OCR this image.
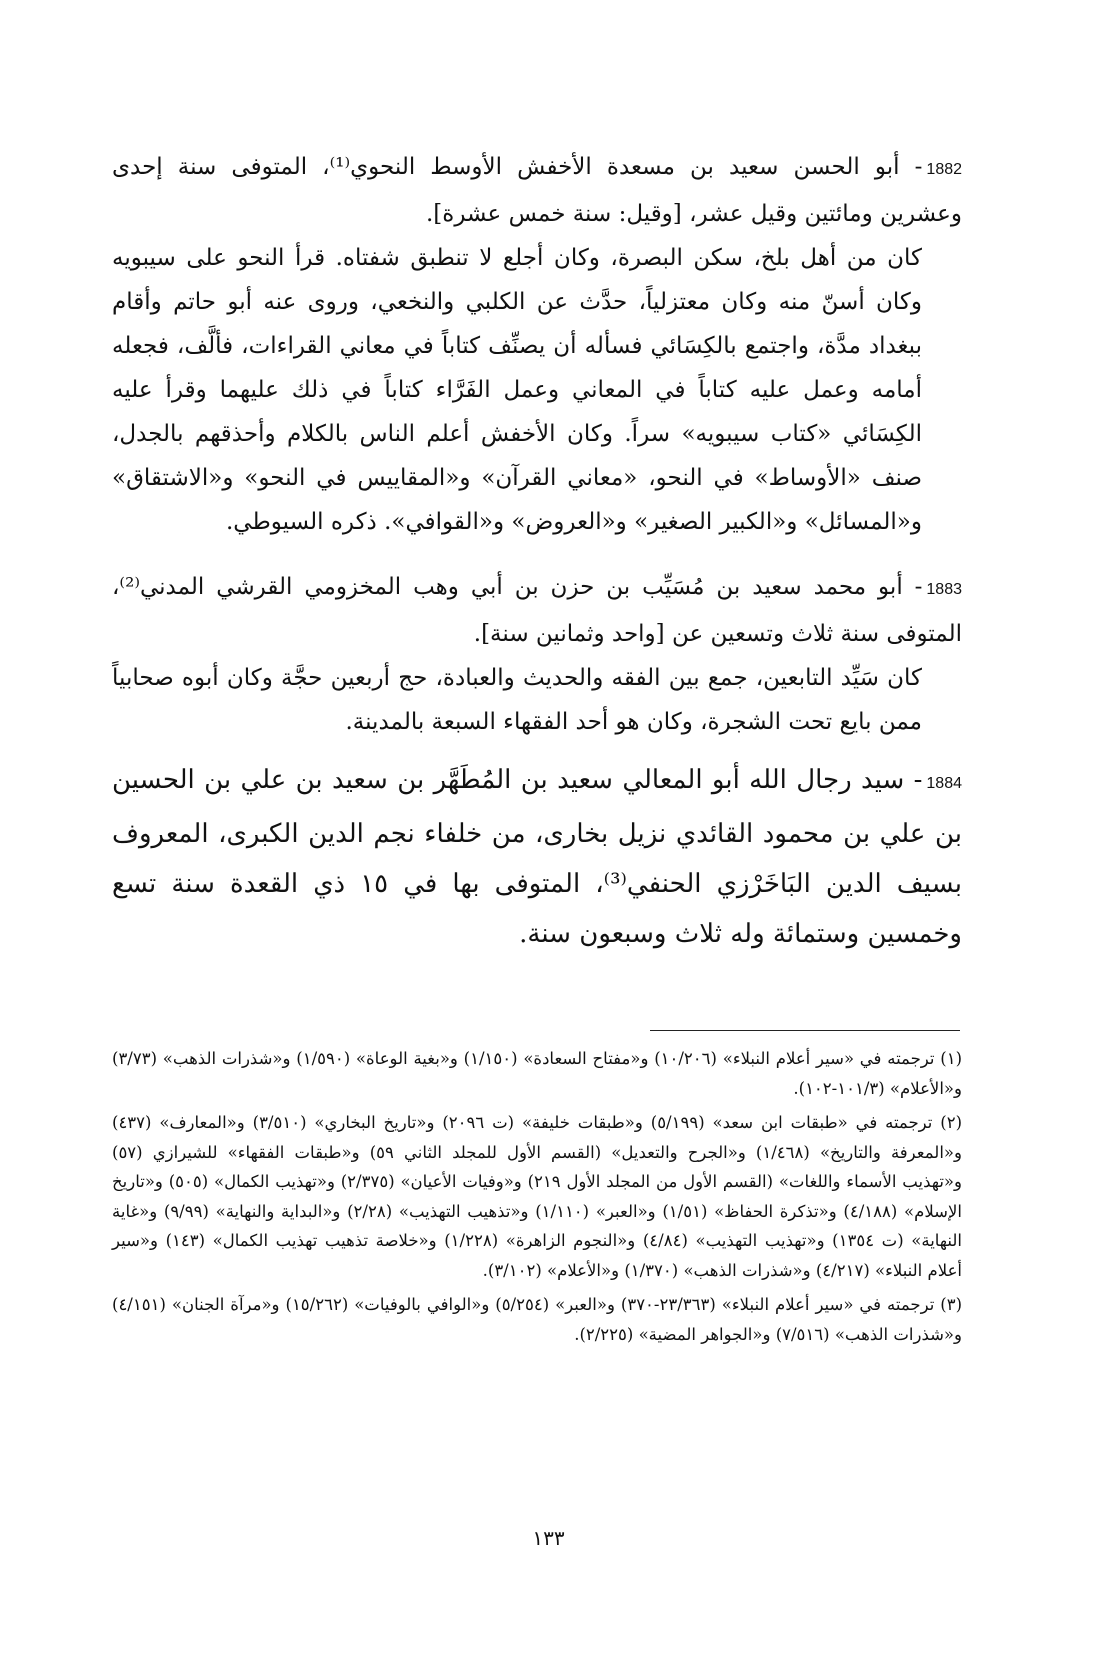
1882- أبو الحسن سعيد بن مسعدة الأخفش الأوسط النحوي⁽¹⁾، المتوفى سنة إحدى وعشرين ومائتين وقيل عشر، [وقيل: سنة خمس عشرة].

كان من أهل بلخ، سكن البصرة، وكان أجلع لا تنطبق شفتاه. قرأ النحو على سيبويه وكان أسنّ منه وكان معتزلياً، حدَّث عن الكلبي والنخعي، وروى عنه أبو حاتم وأقام ببغداد مدَّة، واجتمع بالكِسَائي فسأله أن يصنِّف كتاباً في معاني القراءات، فألَّف، فجعله أمامه وعمل عليه كتاباً في المعاني وعمل الفَرَّاء كتاباً في ذلك عليهما وقرأ عليه الكِسَائي «كتاب سيبويه» سراً. وكان الأخفش أعلم الناس بالكلام وأحذقهم بالجدل، صنف «الأوساط» في النحو، «معاني القرآن» و«المقاييس في النحو» و«الاشتقاق» و«المسائل» و«الكبير الصغير» و«العروض» و«القوافي». ذكره السيوطي.

1883- أبو محمد سعيد بن مُسَيِّب بن حزن بن أبي وهب المخزومي القرشي المدني⁽²⁾، المتوفى سنة ثلاث وتسعين عن [واحد وثمانين سنة].

كان سَيِّد التابعين، جمع بين الفقه والحديث والعبادة، حج أربعين حجَّة وكان أبوه صحابياً ممن بايع تحت الشجرة، وكان هو أحد الفقهاء السبعة بالمدينة.

1884- سيد رجال الله أبو المعالي سعيد بن المُطَهَّر بن سعيد بن علي بن الحسين بن علي بن محمود القائدي نزيل بخارى، من خلفاء نجم الدين الكبرى، المعروف بسيف الدين البَاخَرْزي الحنفي⁽³⁾، المتوفى بها في ١٥ ذي القعدة سنة تسع وخمسين وستمائة وله ثلاث وسبعون سنة.

(١) ترجمته في «سير أعلام النبلاء» (١٠/٢٠٦) و«مفتاح السعادة» (١/١٥٠) و«بغية الوعاة» (١/٥٩٠) و«شذرات الذهب» (٣/٧٣) و«الأعلام» (١٠١/٣-١٠٢).

(٢) ترجمته في «طبقات ابن سعد» (٥/١٩٩) و«طبقات خليفة» (ت ٢٠٩٦) و«تاريخ البخاري» (٣/٥١٠) و«المعارف» (٤٣٧) و«المعرفة والتاريخ» (١/٤٦٨) و«الجرح والتعديل» (القسم الأول للمجلد الثاني ٥٩) و«طبقات الفقهاء» للشيرازي (٥٧) و«تهذيب الأسماء واللغات» (القسم الأول من المجلد الأول ٢١٩) و«وفيات الأعيان» (٢/٣٧٥) و«تهذيب الكمال» (٥٠٥) و«تاريخ الإسلام» (٤/١٨٨) و«تذكرة الحفاظ» (١/٥١) و«العبر» (١/١١٠) و«تذهيب التهذيب» (٢/٢٨) و«البداية والنهاية» (٩/٩٩) و«غاية النهاية» (ت ١٣٥٤) و«تهذيب التهذيب» (٤/٨٤) و«النجوم الزاهرة» (١/٢٢٨) و«خلاصة تذهيب تهذيب الكمال» (١٤٣) و«سير أعلام النبلاء» (٤/٢١٧) و«شذرات الذهب» (١/٣٧٠) و«الأعلام» (٣/١٠٢).

(٣) ترجمته في «سير أعلام النبلاء» (٢٣/٣٦٣-٣٧٠) و«العبر» (٥/٢٥٤) و«الوافي بالوفيات» (١٥/٢٦٢) و«مرآة الجنان» (٤/١٥١) و«شذرات الذهب» (٧/٥١٦) و«الجواهر المضية» (٢/٢٢٥).

١٣٣
